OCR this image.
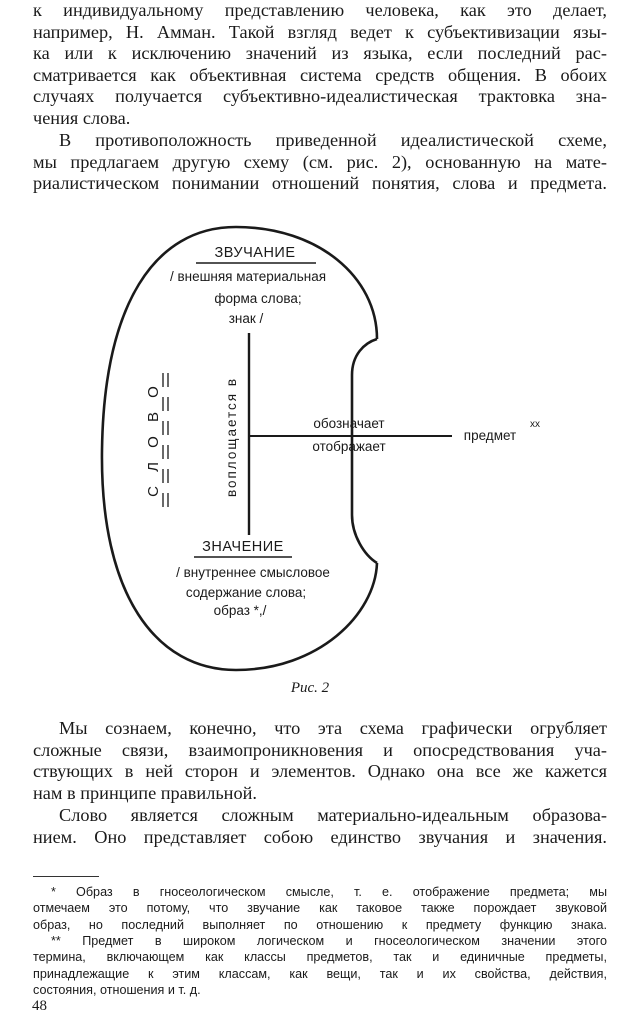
к индивидуальному представлению человека, как это делает,
например, Н. Амман. Такой взгляд ведет к субъективизации язы-
ка или к исключению значений из языка, если последний рас-
сматривается как объективная система средств общения. В обоих
случаях получается субъективно-идеалистическая трактовка зна-
чения слова.
В противоположность приведенной идеалистической схеме,
мы предлагаем другую схему (см. рис. 2), основанную на мате-
риалистическом понимании отношений понятия, слова и предмета.
ЗВУЧАНИЕ
/ внешняя материальная
форма слова;
знак /
С Л О В О	воплощается в	обозначает
отображает
предмет
xx
ЗНАЧЕНИЕ
/ внутреннее смысловое
содержание слова;
образ *,/
Рис. 2
Мы сознаем, конечно, что эта схема графически огрубляет
сложные связи, взаимопроникновения и опосредствования уча-
ствующих в ней сторон и элементов. Однако она все же кажется
нам в принципе правильной.
Слово является сложным материально-идеальным образова-
нием. Оно представляет собою единство звучания и значения.
* Образ в гносеологическом смысле, т. е. отображение предмета; мы
отмечаем это потому, что звучание как таковое также порождает звуковой
образ, но последний выполняет по отношению к предмету функцию знака.
** Предмет в широком логическом и гносеологическом значении этого
термина, включающем как классы предметов, так и единичные предметы,
принадлежащие к этим классам, как вещи, так и их свойства, действия,
состояния, отношения и т. д.
48
